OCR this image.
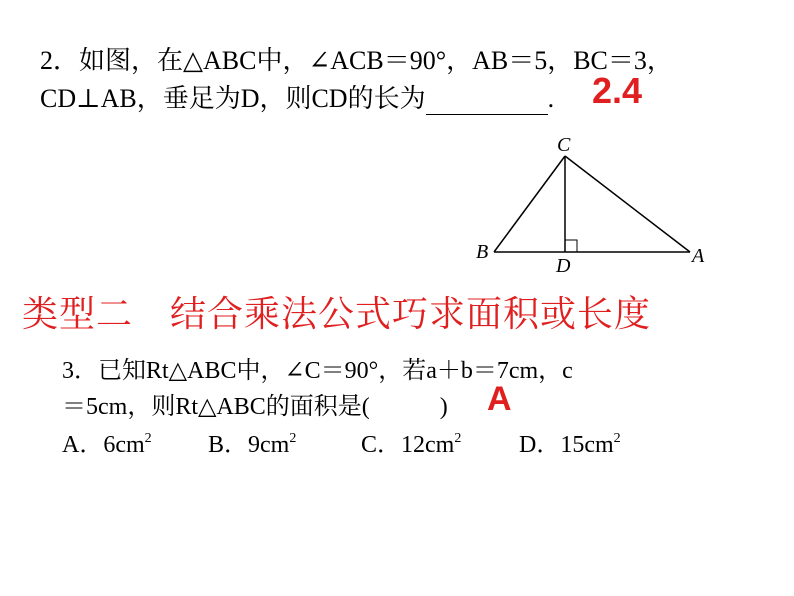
2．如图，在△ABC中，∠ACB＝90°，AB＝5，BC＝3，
CD⊥AB，垂足为D，则CD的长为	. 2.4
C
B
D	A
类型二　结合乘法公式巧求面积或长度
3．已知Rt△ABC中，∠C＝90°，若a＋b＝7cm，c
＝5cm，则Rt△ABC的面积是(	) A
A．$6cm^2$ B．$9cm^2$	C．$12cm^2$ D．$15cm^2$
